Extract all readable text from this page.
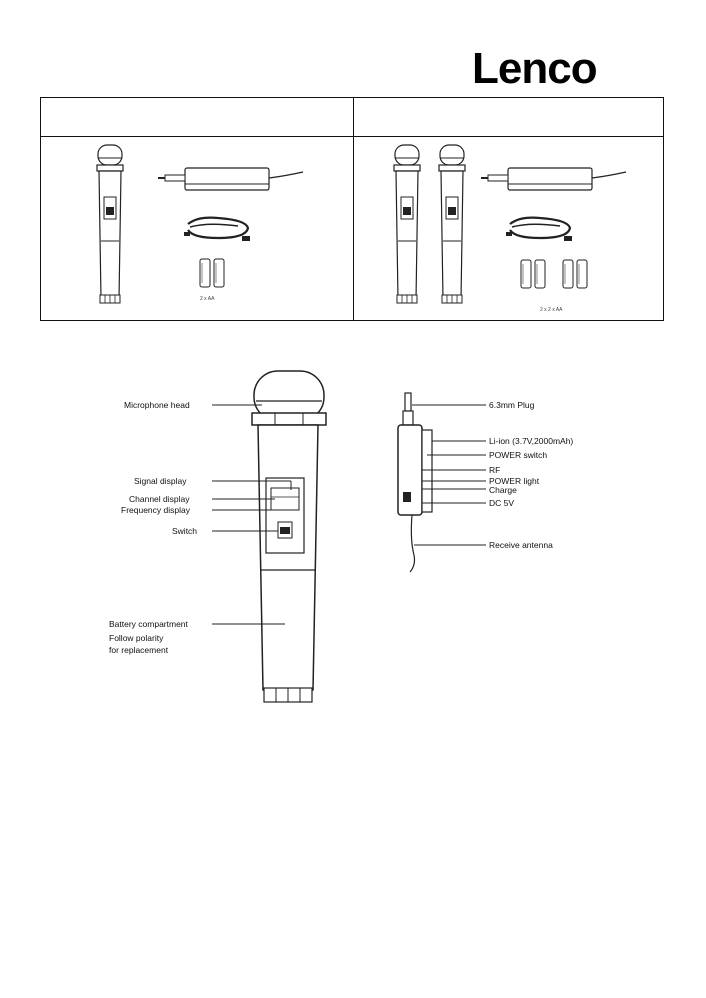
Lenco
2 x AA
2 x 2 x AA
Microphone head
Signal display
Channel display
Frequency display
Switch
Battery compartment
Follow polarity
for replacement
6.3mm Plug
Li-ion (3.7V,2000mAh)
POWER switch
RF
POWER light
Charge
DC 5V
Receive antenna
